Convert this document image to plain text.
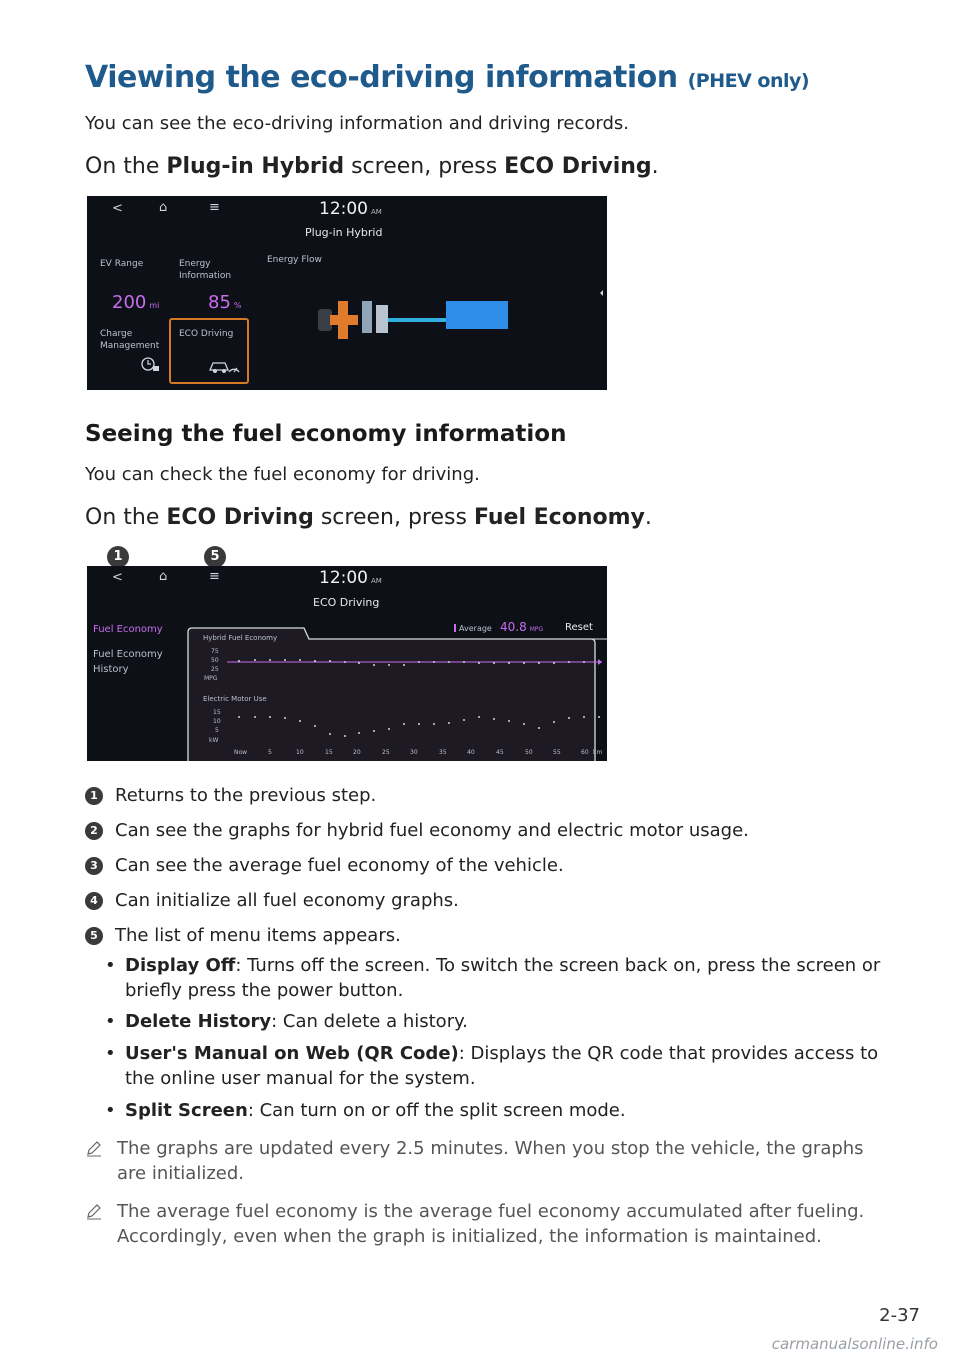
Viewing the eco-driving information (PHEV only)
You can see the eco-driving information and driving records.
On the Plug-in Hybrid screen, press ECO Driving.
<	⌂	≡	12:00 AM
Plug-in Hybrid
EV Range	Energy
Information
Energy Flow
200 mi	85 %
Charge
Management
ECO Driving
Seeing the fuel economy information
You can check the fuel economy for driving.
On the ECO Driving screen, press Fuel Economy.
1	5
<	⌂	≡	12:00 AM
ECO Driving
Fuel Economy
Fuel Economy
History
Average 40.8 MPG Reset
Hybrid Fuel Economy
75
50
25
MPG
Electric Motor Use
15
10
5
kW
Now	5	10	15	20	25	30	35	40	45	50	55	60 km
1 Returns to the previous step.
2 Can see the graphs for hybrid fuel economy and electric motor usage.
3 Can see the average fuel economy of the vehicle.
4 Can initialize all fuel economy graphs.
5 The list of menu items appears.
• Display Off: Turns off the screen. To switch the screen back on, press the screen or briefly press the power button.
• Delete History: Can delete a history.
• User's Manual on Web (QR Code): Displays the QR code that provides access to the online user manual for the system.
• Split Screen: Can turn on or off the split screen mode.
The graphs are updated every 2.5 minutes. When you stop the vehicle, the graphs are initialized.
The average fuel economy is the average fuel economy accumulated after fueling. Accordingly, even when the graph is initialized, the information is maintained.
2-37
carmanualsonline.info
